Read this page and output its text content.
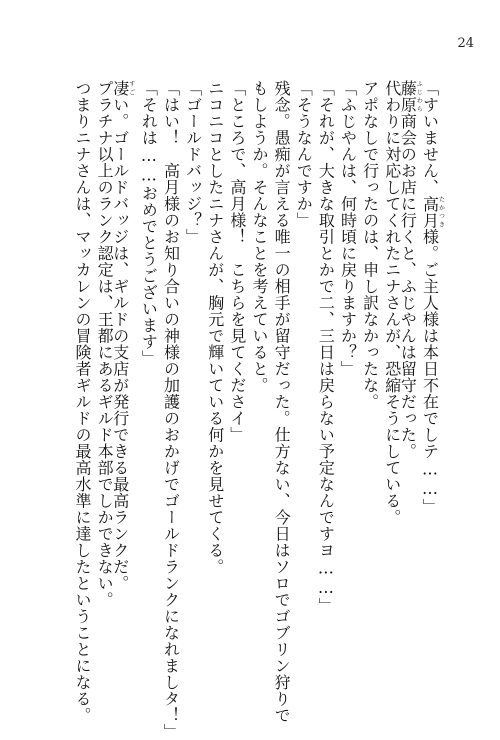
24
「すいません、高月たかつき様。ご主人様は本日不在でしテ……」
藤原ふじわら商会のお店に行くと、ふじやんは留守だった。
代わりに対応してくれたニナさんが、恐縮そうにしている。
アポなしで行ったのは、申し訳なかったな。
「ふじやんは、何時頃に戻りますか？」
「それが、大きな取引とかで二、三日は戻らない予定なんですヨ……」
「そうなんですか」
残念。愚痴が言える唯一の相手が留守だった。仕方ない、今日はソロでゴブリン狩りで
もしようか。そんなことを考えていると。
「ところで、高月様！　こちらを見てくださイ」
ニコニコとしたニナさんが、胸元で輝いている何かを見せてくる。
「ゴールドバッジ？」
「はい！　高月様のお知り合いの神様の加護のおかげでゴールドランクになれましタ！」
「それは……おめでとうございます」
凄すごい。ゴールドバッジは、ギルドの支店が発行できる最高ランクだ。
プラチナ以上のランク認定は、王都にあるギルド本部でしかできない。
つまりニナさんは、マッカレンの冒険者ギルドの最高水準に達したということになる。
